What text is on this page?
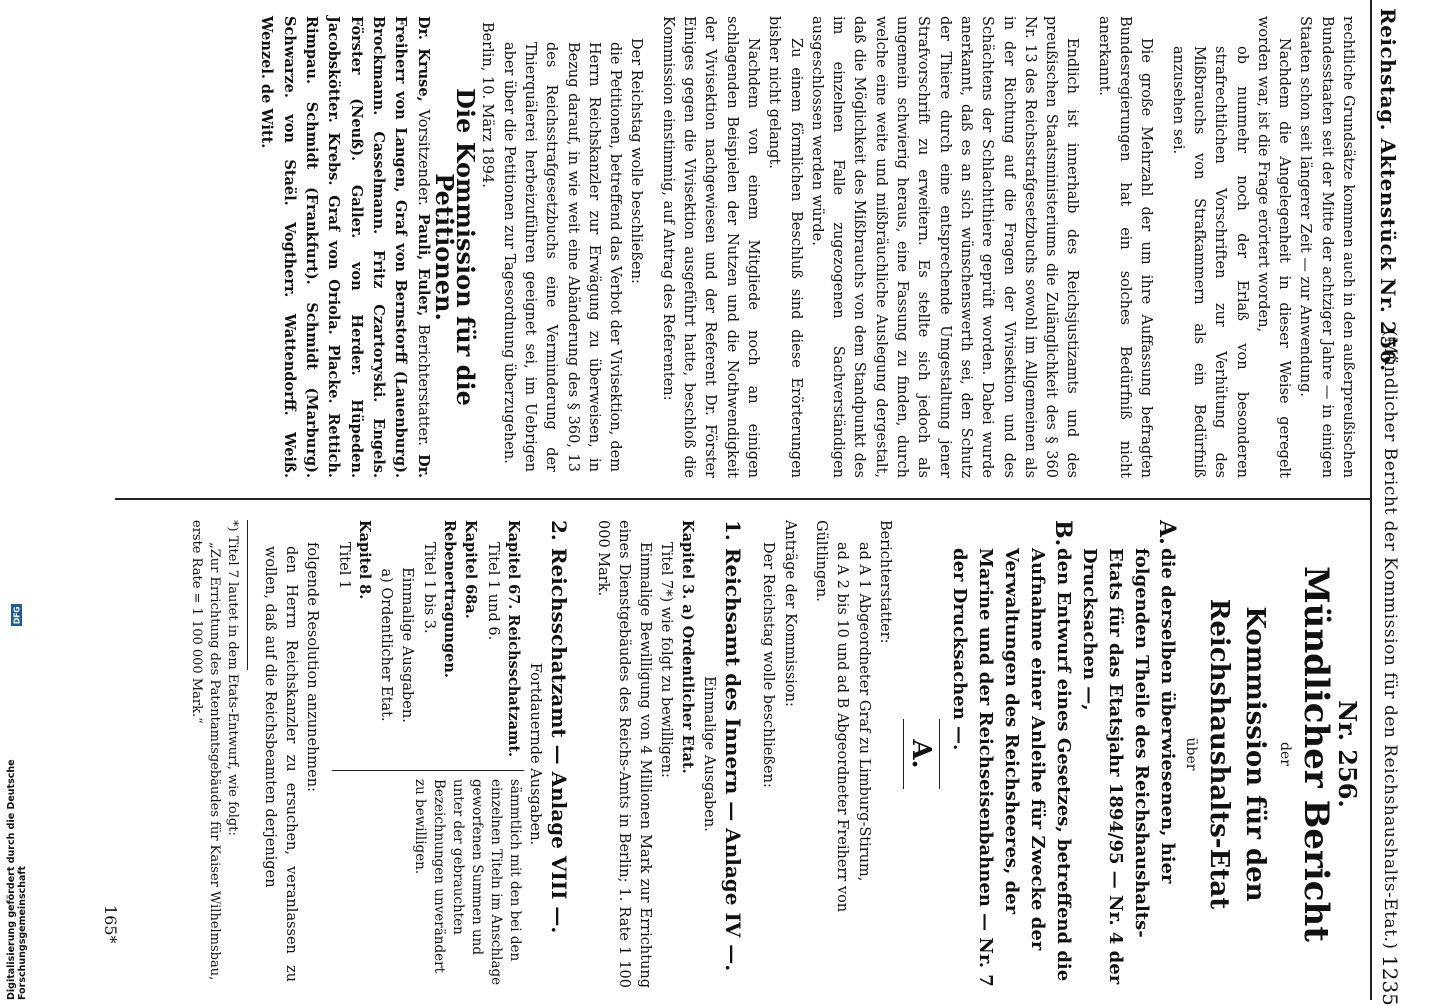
Reichstag. Aktenstück Nr. 256.
(Mündlicher Bericht der Kommission für den Reichshaushalts-Etat.)
1235

rechtliche Grundsätze kommen auch in den außerpreußischen Bundesstaaten seit der Mitte der achtziger Jahre — in einigen Staaten schon seit längerer Zeit — zur Anwendung.

Nachdem die Angelegenheit in dieser Weise geregelt worden war, ist die Frage erörtert worden,

ob nunmehr noch der Erlaß von besonderen strafrechtlichen Vorschriften zur Verhütung des Mißbrauchs von Strafkammern als ein Bedürfniß anzusehen sei.

Die große Mehrzahl der um ihre Auffassung befragten Bundesregierungen hat ein solches Bedürfniß nicht anerkannt.

Endlich ist innerhalb des Reichsjustizamts und des preußischen Staatsministeriums die Zulänglichkeit des § 360 Nr. 13 des Reichsstrafgesetzbuchs sowohl im Allgemeinen als in der Richtung auf die Fragen der Vivisektion und des Schächtens der Schlachtthiere geprüft worden. Dabei wurde anerkannt, daß es an sich wünschenswerth sei, den Schutz der Thiere durch eine entsprechende Umgestaltung jener Strafvorschrift zu erweitern. Es stellte sich jedoch als ungemein schwierig heraus, eine Fassung zu finden, durch welche eine weite und mißbräuchliche Auslegung dergestalt, daß die Möglichkeit des Mißbrauchs von dem Standpunkt des im einzelnen Falle zugezogenen Sachverständigen ausgeschlossen werden würde.

Zu einem förmlichen Beschluß sind diese Erörterungen bisher nicht gelangt.

Nachdem von einem Mitgliede noch an einigen schlagenden Beispielen der Nutzen und die Nothwendigkeit der Vivisektion nachgewiesen und der Referent Dr. Förster Einiges gegen die Vivisektion ausgeführt hatte, beschloß die Kommission einstimmig, auf Antrag des Referenten:

Der Reichstag wolle beschließen:

die Petitionen, betreffend das Verbot der Vivisektion, dem Herrn Reichskanzler zur Erwägung zu überweisen, in Bezug darauf, in wie weit eine Abänderung des § 360, 13 des Reichsstrafgesetzbuchs eine Verminderung der Thierquälerei herbeizuführen geeignet sei, im Uebrigen aber über die Petitionen zur Tagesordnung überzugehen.

Berlin, 10. März 1894.

Die Kommission für die Petitionen.

Dr. Kruse, Vorsitzender. Pauli, Euler, Berichterstatter. Dr. Freiherr von Langen, Graf von Bernstorff (Lauenburg). Brockmann. Casselmann. Fritz Czartoryski. Engels. Förster (Neuß). Galler. von Herder. Hüpeden. Jacobskötter. Krebs. Graf von Oriola. Placke. Rettich. Rimpau. Schmidt (Frankfurt). Schmidt (Marburg). Schwarze. von Staël. Vogtherr. Wattendorff. Weiß. Wenzel. de Witt.

Nr. 256.

Mündlicher Bericht

der

Kommission für den Reichshaushalts-Etat

über

A.
die derselben überwiesenen, hier folgenden Theile des Reichshaushalts-Etats für das Etatsjahr 1894/95 — Nr. 4 der Drucksachen —,
B.
den Entwurf eines Gesetzes, betreffend die Aufnahme einer Anleihe für Zwecke der Verwaltungen des Reichsheeres, der Marine und der Reichseisenbahnen — Nr. 7 der Drucksachen —.

A.

Berichterstatter:

ad A 1 Abgeordneter Graf zu Limburg-Stirum,

ad A 2 bis 10 und ad B Abgeordneter Freiherr von Gültlingen.

Anträge der Kommission:

Der Reichstag wolle beschließen:

1. Reichsamt des Innern — Anlage IV —.

Einmalige Ausgaben.

Kapitel 3. a) Ordentlicher Etat.

Titel 7*) wie folgt zu bewilligen:

Einmalige Bewilligung von 4 Millionen Mark zur Errichtung eines Dienstgebäudes des Reichs-Amts in Berlin; 1. Rate 1 100 000 Mark.

2. Reichsschatzamt — Anlage VIII —.

Fortdauernde Ausgaben.

Kapitel 67. Reichsschatzamt.

Titel 1 und 6.

Kapitel 68a. Rebenertragungen.

Titel 1 bis 3.

Einmalige Ausgaben.

a) Ordentlicher Etat.

Kapitel 8.

Titel 1

sämmtlich mit den bei den einzelnen Titeln im Anschlage geworfenen Summen und unter der gebrauchten Bezeichnungen unverändert zu bewilligen.

folgende Resolution anzunehmen:

den Herrn Reichskanzler zu ersuchen, veranlassen zu wollen, daß auf die Reichsbeamten derjenigen

*) Titel 7 lautet in dem Etats-Entwurf, wie folgt:

„Zur Errichtung des Patentamtsgebäudes für Kaiser Wilhelmsbau, erste Rate = 1 100 000 Mark.“

165*
Digitalisierung gefördert durch die Deutsche Forschungsgemeinschaft
DFG
